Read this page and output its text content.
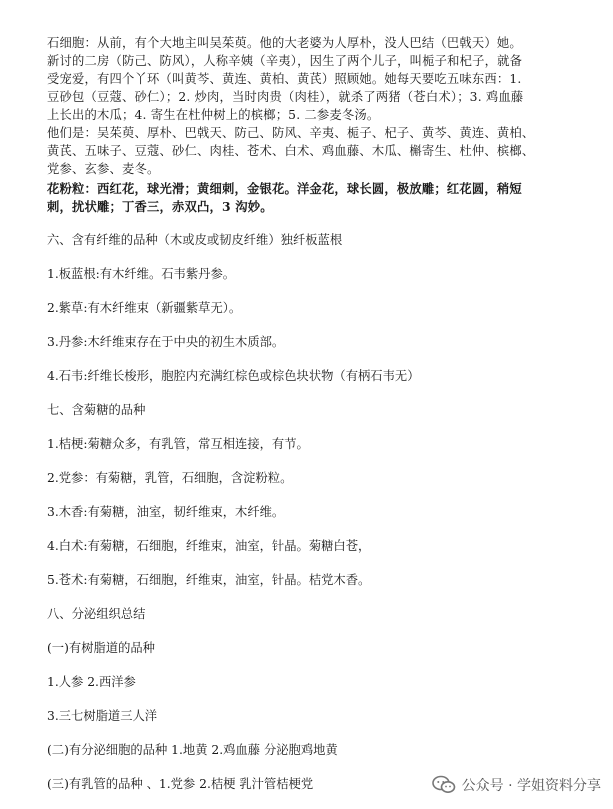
石细胞：从前，有个大地主叫吴茱萸。他的大老婆为人厚朴，没人巴结（巴戟天）她。

新讨的二房（防己、防风），人称辛姨（辛夷），因生了两个儿子，叫栀子和杞子，就备

受宠爱，有四个丫环（叫黄芩、黄连、黄柏、黄芪）照顾她。她每天要吃五味东西：1.

豆砂包（豆蔻、砂仁）；2. 炒肉，当时肉贵（肉桂），就杀了两猪（苍白术）；3. 鸡血藤

上长出的木瓜；4. 寄生在杜仲树上的槟榔；5. 二参麦冬汤。

他们是：吴茱萸、厚朴、巴戟天、防己、防风、辛夷、栀子、杞子、黄芩、黄连、黄柏、

黄芪、五味子、豆蔻、砂仁、肉桂、苍术、白术、鸡血藤、木瓜、槲寄生、杜仲、槟榔、

党参、玄参、麦冬。

花粉粒：西红花，球光滑；黄细刺，金银花。洋金花，球长圆，极放雕；红花圆，稍短

刺，扰状雕；丁香三，赤双凸，3 沟妙。

六、含有纤维的品种（木或皮或韧皮纤维）独纤板蓝根
1.板蓝根:有木纤维。石韦紫丹参。
2.紫草:有木纤维束（新疆紫草无）。
3.丹参:木纤维束存在于中央的初生木质部。
4.石韦:纤维长梭形，胞腔内充满红棕色或棕色块状物（有柄石韦无）
七、含菊糖的品种
1.桔梗:菊糖众多，有乳管，常互相连接，有节。
2.党参：有菊糖，乳管，石细胞，含淀粉粒。
3.木香:有菊糖，油室，韧纤维束，木纤维。
4.白术:有菊糖，石细胞，纤维束，油室，针晶。菊糖白苍，
5.苍术:有菊糖，石细胞，纤维束，油室，针晶。桔党木香。
八、分泌组织总结
(一)有树脂道的品种
1.人参 2.西洋参
3.三七树脂道三人洋
(二)有分泌细胞的品种 1.地黄 2.鸡血藤 分泌胞鸡地黄
(三)有乳管的品种 、1.党参 2.桔梗 乳汁管桔梗党	公众号 · 学姐资料分享
